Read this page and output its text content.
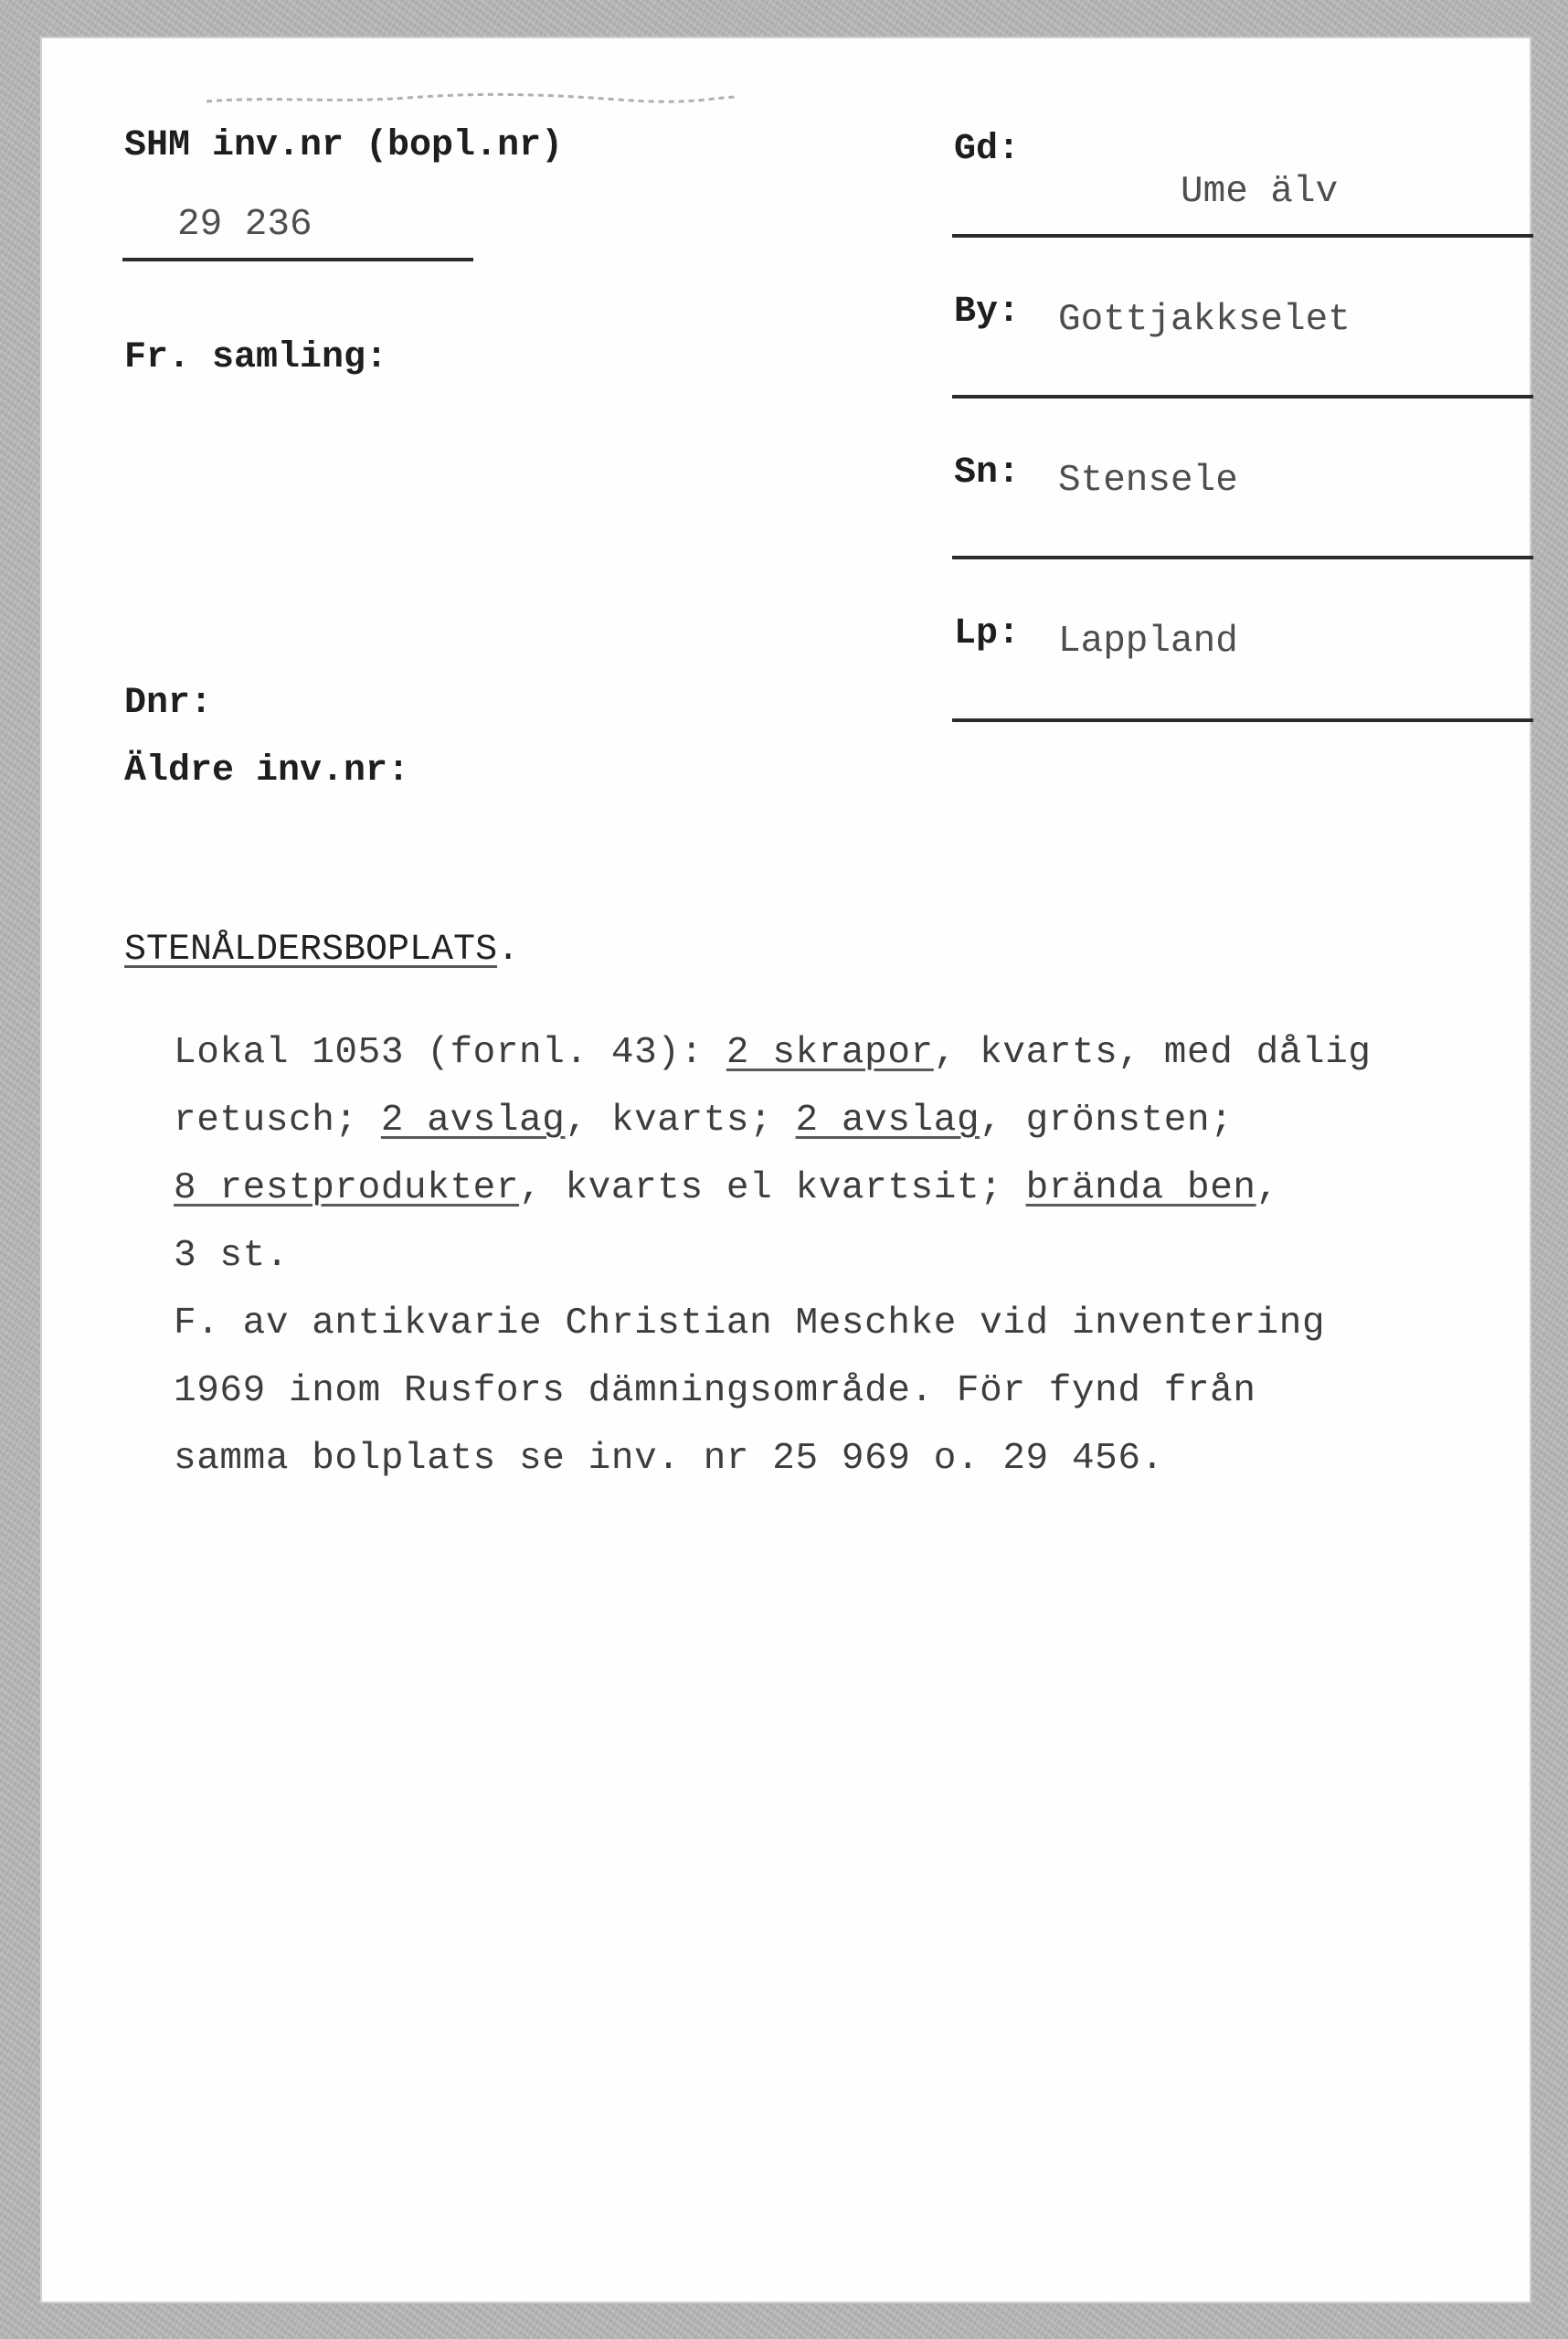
SHM inv.nr (bopl.nr)
29 236
Fr. samling:
Dnr:
Äldre inv.nr:
Gd:
Ume älv
By: Gottjakkselet
Sn: Stensele
Lp: Lappland
STENÅLDERSBOPLATS.
Lokal 1053 (fornl. 43): 2 skrapor, kvarts, med dålig
retusch; 2 avslag, kvarts; 2 avslag, grönsten;
8 restprodukter, kvarts el kvartsit; brända ben,
3 st.
F. av antikvarie Christian Meschke vid inventering
1969 inom Rusfors dämningsområde. För fynd från
samma bolplats se inv. nr 25 969 o. 29 456.
